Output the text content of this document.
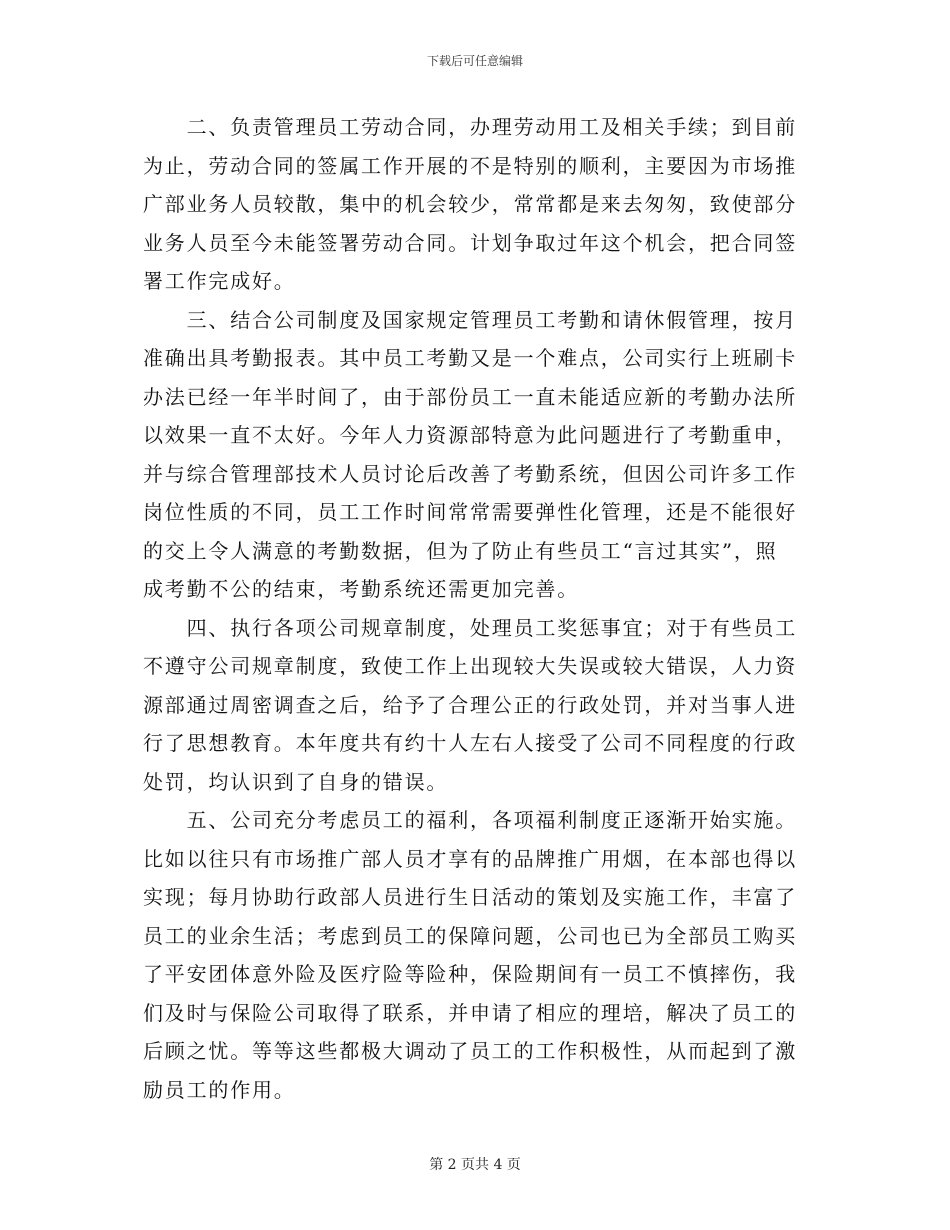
下载后可任意编辑
　　二、负责管理员工劳动合同，办理劳动用工及相关手续；到目前
为止，劳动合同的签属工作开展的不是特别的顺利，主要因为市场推
广部业务人员较散，集中的机会较少，常常都是来去匆匆，致使部分
业务人员至今未能签署劳动合同。计划争取过年这个机会，把合同签
署工作完成好。
　　三、结合公司制度及国家规定管理员工考勤和请休假管理，按月
准确出具考勤报表。其中员工考勤又是一个难点，公司实行上班刷卡
办法已经一年半时间了，由于部份员工一直未能适应新的考勤办法所
以效果一直不太好。今年人力资源部特意为此问题进行了考勤重申，
并与综合管理部技术人员讨论后改善了考勤系统，但因公司许多工作
岗位性质的不同，员工工作时间常常需要弹性化管理，还是不能很好
的交上令人满意的考勤数据，但为了防止有些员工“言过其实”，照
成考勤不公的结束，考勤系统还需更加完善。
　　四、执行各项公司规章制度，处理员工奖惩事宜；对于有些员工
不遵守公司规章制度，致使工作上出现较大失误或较大错误，人力资
源部通过周密调查之后，给予了合理公正的行政处罚，并对当事人进
行了思想教育。本年度共有约十人左右人接受了公司不同程度的行政
处罚，均认识到了自身的错误。
　　五、公司充分考虑员工的福利，各项福利制度正逐渐开始实施。
比如以往只有市场推广部人员才享有的品牌推广用烟，在本部也得以
实现；每月协助行政部人员进行生日活动的策划及实施工作，丰富了
员工的业余生活；考虑到员工的保障问题，公司也已为全部员工购买
了平安团体意外险及医疗险等险种，保险期间有一员工不慎摔伤，我
们及时与保险公司取得了联系，并申请了相应的理培，解决了员工的
后顾之忧。等等这些都极大调动了员工的工作积极性，从而起到了激
励员工的作用。
第 2 页共 4 页
